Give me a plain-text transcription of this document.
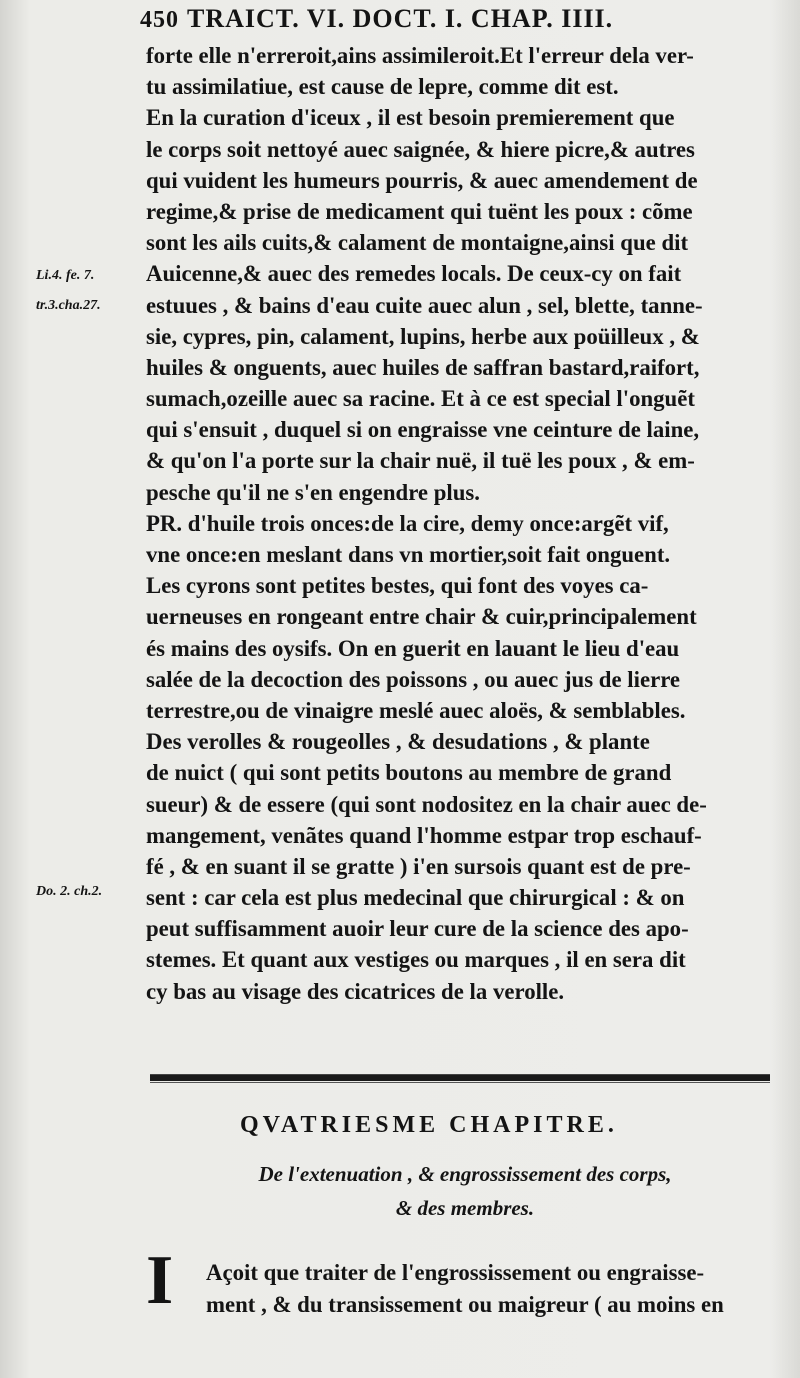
450 TRAICT. VI. DOCT. I. CHAP. IIII.
forte elle n'erreroit,ains assimileroit.Et l'erreur dela ver-
tu assimilatiue, est cause de lepre, comme dit est.
En la curation d'iceux , il est besoin premierement que
le corps soit nettoyé auec saignée, & hiere picre,& autres
qui vuident les humeurs pourris, & auec amendement de
regime,& prise de medicament qui tuënt les poux : cõme
sont les ails cuits,& calament de montaigne,ainsi que dit
Auicenne,& auec des remedes locals. De ceux-cy on fait
estuues , & bains d'eau cuite auec alun , sel, blette, tanne-
sie, cypres, pin, calament, lupins, herbe aux poüilleux , &
huiles & onguents, auec huiles de saffran bastard,raifort,
sumach,ozeille auec sa racine. Et à ce est special l'onguẽt
qui s'ensuit , duquel si on engraisse vne ceinture de laine,
& qu'on l'a porte sur la chair nuë, il tuë les poux , & em-
pesche qu'il ne s'en engendre plus.
PR. d'huile trois onces:de la cire, demy once:argẽt vif,
vne once:en meslant dans vn mortier,soit fait onguent.
Les cyrons sont petites bestes, qui font des voyes ca-
uerneuses en rongeant entre chair & cuir,principalement
és mains des oysifs. On en guerit en lauant le lieu d'eau
salée de la decoction des poissons , ou auec jus de lierre
terrestre,ou de vinaigre meslé auec aloës, & semblables.
Des verolles & rougeolles , & desudations , & plante
de nuict ( qui sont petits boutons au membre de grand
sueur) & de essere (qui sont nodositez en la chair auec de-
mangement, venãtes quand l'homme estpar trop eschauf-
fé , & en suant il se gratte ) i'en sursois quant est de pre-
sent : car cela est plus medecinal que chirurgical : & on
peut suffisamment auoir leur cure de la science des apo-
stemes. Et quant aux vestiges ou marques , il en sera dit
cy bas au visage des cicatrices de la verolle.
Li.4. fe. 7.
tr.3.cha.27.
Do. 2. ch.2.
QVATRIESME CHAPITRE.
De l'extenuation , & engrossissement des corps,
& des membres.
I Açoit que traiter de l'engrossissement ou engraisse-
ment , & du transissement ou maigreur ( au moins en
